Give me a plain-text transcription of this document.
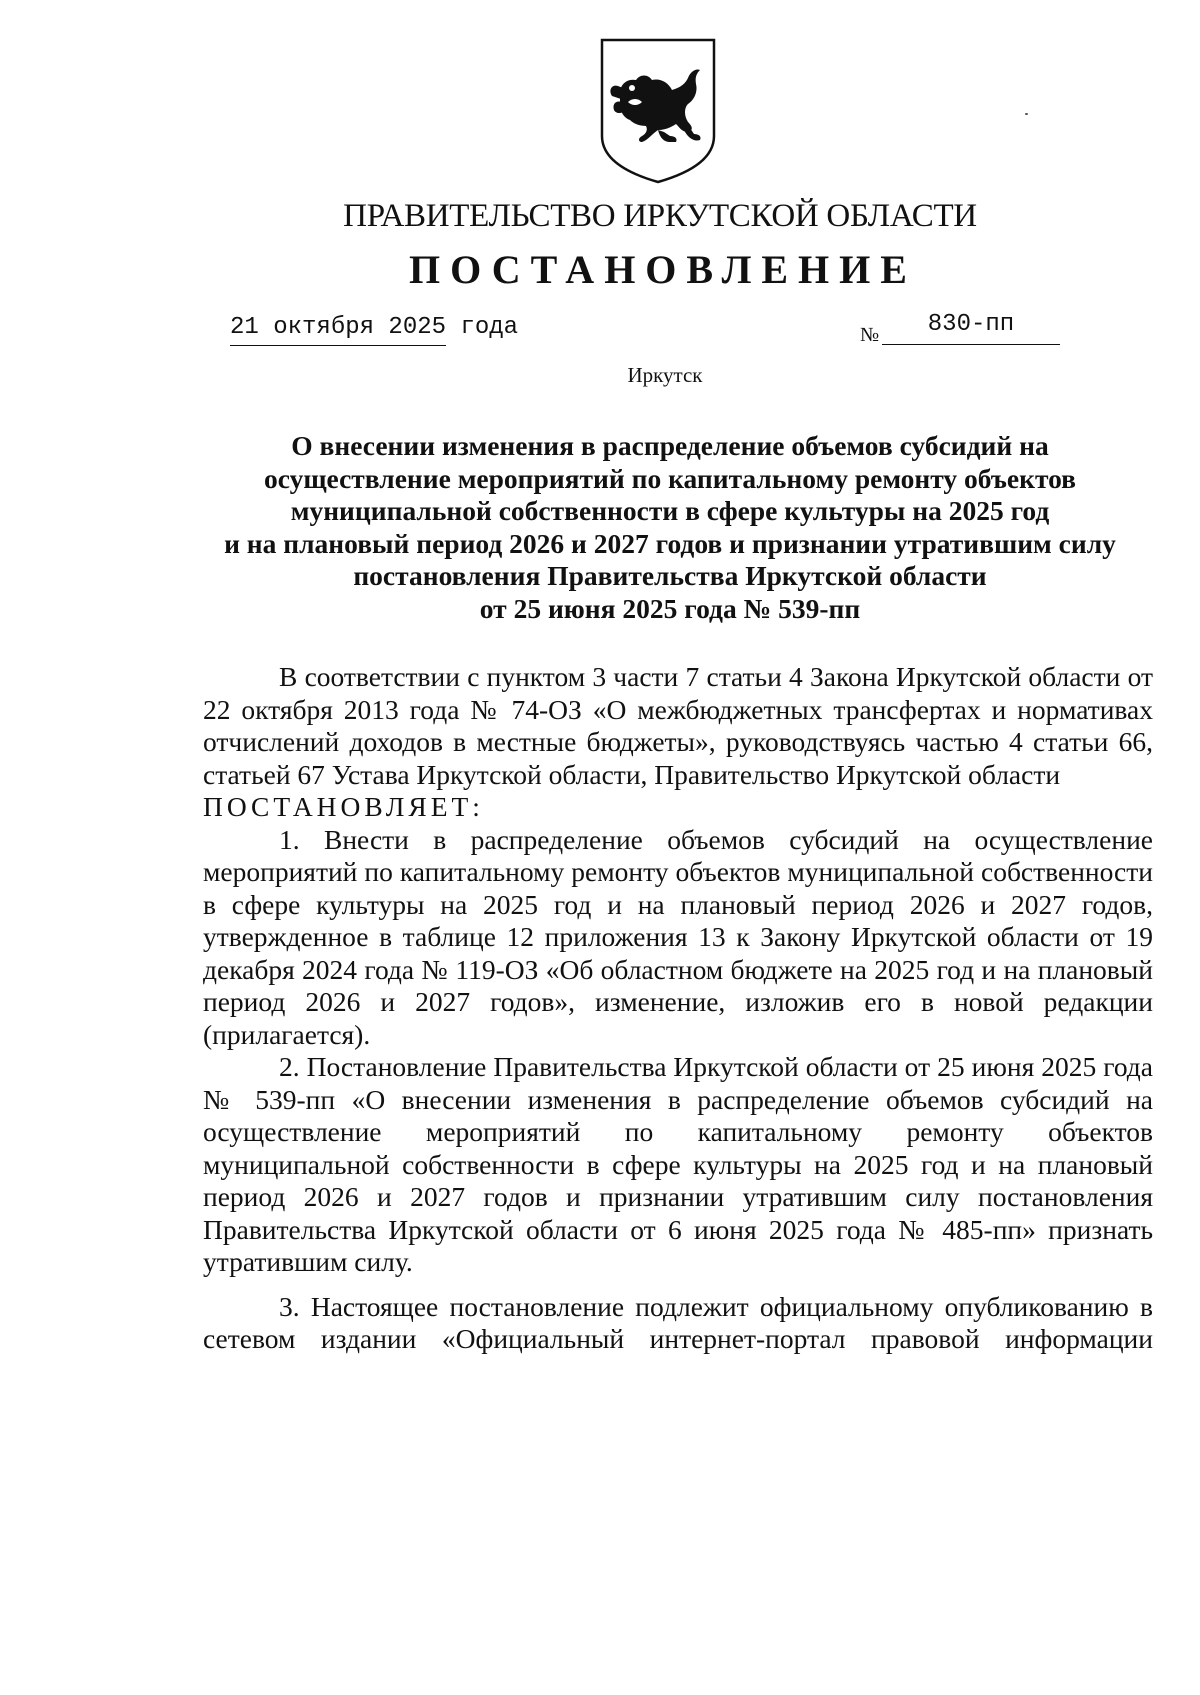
ПРАВИТЕЛЬСТВО ИРКУТСКОЙ ОБЛАСТИ
ПОСТАНОВЛЕНИЕ
21 октября 2025 года	№	830-пп
Иркутск
О внесении изменения в распределение объемов субсидий на
осуществление мероприятий по капитальному ремонту объектов
муниципальной собственности в сфере культуры на 2025 год
и на плановый период 2026 и 2027 годов и признании утратившим силу
постановления Правительства Иркутской области
от 25 июня 2025 года № 539-пп

В соответствии с пунктом 3 части 7 статьи 4 Закона Иркутской области от 22 октября 2013 года № 74-ОЗ «О межбюджетных трансфертах и нормативах отчислений доходов в местные бюджеты», руководствуясь частью 4 статьи 66, статьей 67 Устава Иркутской области, Правительство Иркутской области

ПОСТАНОВЛЯЕТ:

1. Внести в распределение объемов субсидий на осуществление мероприятий по капитальному ремонту объектов муниципальной собственности в сфере культуры на 2025 год и на плановый период 2026 и 2027 годов, утвержденное в таблице 12 приложения 13 к Закону Иркутской области от 19 декабря 2024 года № 119-ОЗ «Об областном бюджете на 2025 год и на плановый период 2026 и 2027 годов», изменение, изложив его в новой редакции (прилагается).

2. Постановление Правительства Иркутской области от 25 июня 2025 года № 539-пп «О внесении изменения в распределение объемов субсидий на осуществление мероприятий по капитальному ремонту объектов муниципальной собственности в сфере культуры на 2025 год и на плановый период 2026 и 2027 годов и признании утратившим силу постановления Правительства Иркутской области от 6 июня 2025 года № 485-пп» признать утратившим силу.

3. Настоящее постановление подлежит официальному опубликованию в сетевом издании «Официальный интернет-портал правовой информации
